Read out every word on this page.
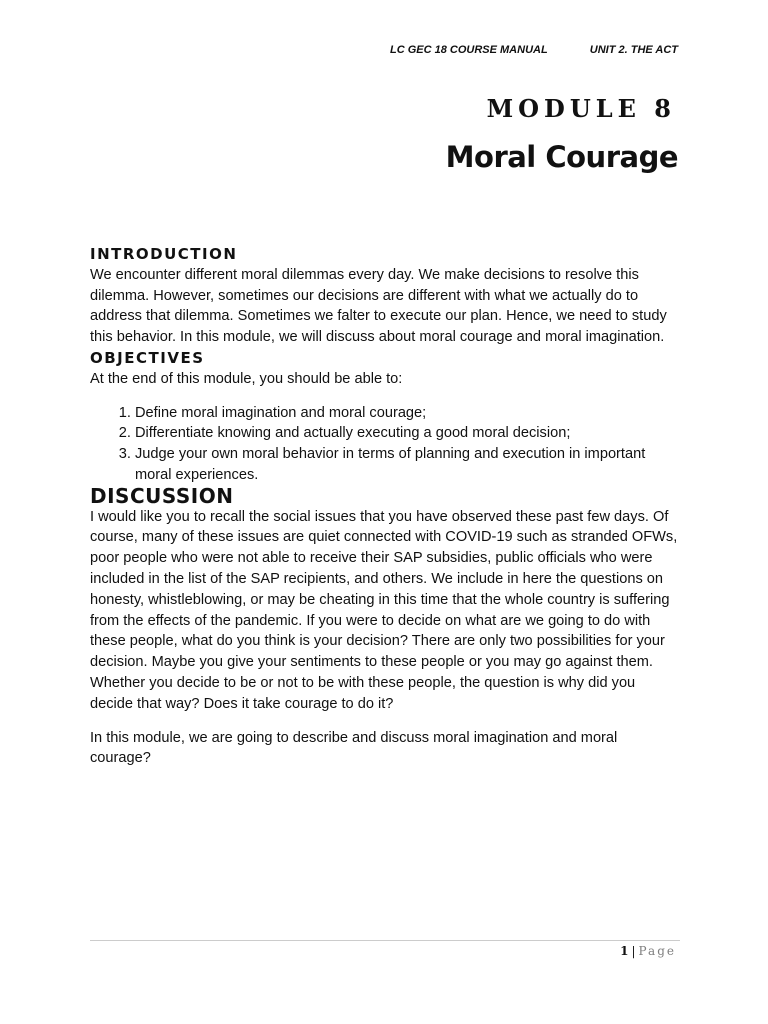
LC GEC 18 COURSE MANUAL	UNIT 2. THE ACT
MODULE 8
Moral Courage
INTRODUCTION

We encounter different moral dilemmas every day. We make decisions to resolve this dilemma. However, sometimes our decisions are different with what we actually do to address that dilemma. Sometimes we falter to execute our plan. Hence, we need to study this behavior. In this module, we will discuss about moral courage and moral imagination.

OBJECTIVES

At the end of this module, you should be able to:

1. Define moral imagination and moral courage;
2. Differentiate knowing and actually executing a good moral decision;
3. Judge your own moral behavior in terms of planning and execution in important moral experiences.
DISCUSSION

I would like you to recall the social issues that you have observed these past few days. Of course, many of these issues are quiet connected with COVID-19 such as stranded OFWs, poor people who were not able to receive their SAP subsidies, public officials who were included in the list of the SAP recipients, and others. We include in here the questions on honesty, whistleblowing, or may be cheating in this time that the whole country is suffering from the effects of the pandemic. If you were to decide on what are we going to do with these people, what do you think is your decision? There are only two possibilities for your decision. Maybe you give your sentiments to these people or you may go against them. Whether you decide to be or not to be with these people, the question is why did you decide that way? Does it take courage to do it?

In this module, we are going to describe and discuss moral imagination and moral courage?

1 | Page
